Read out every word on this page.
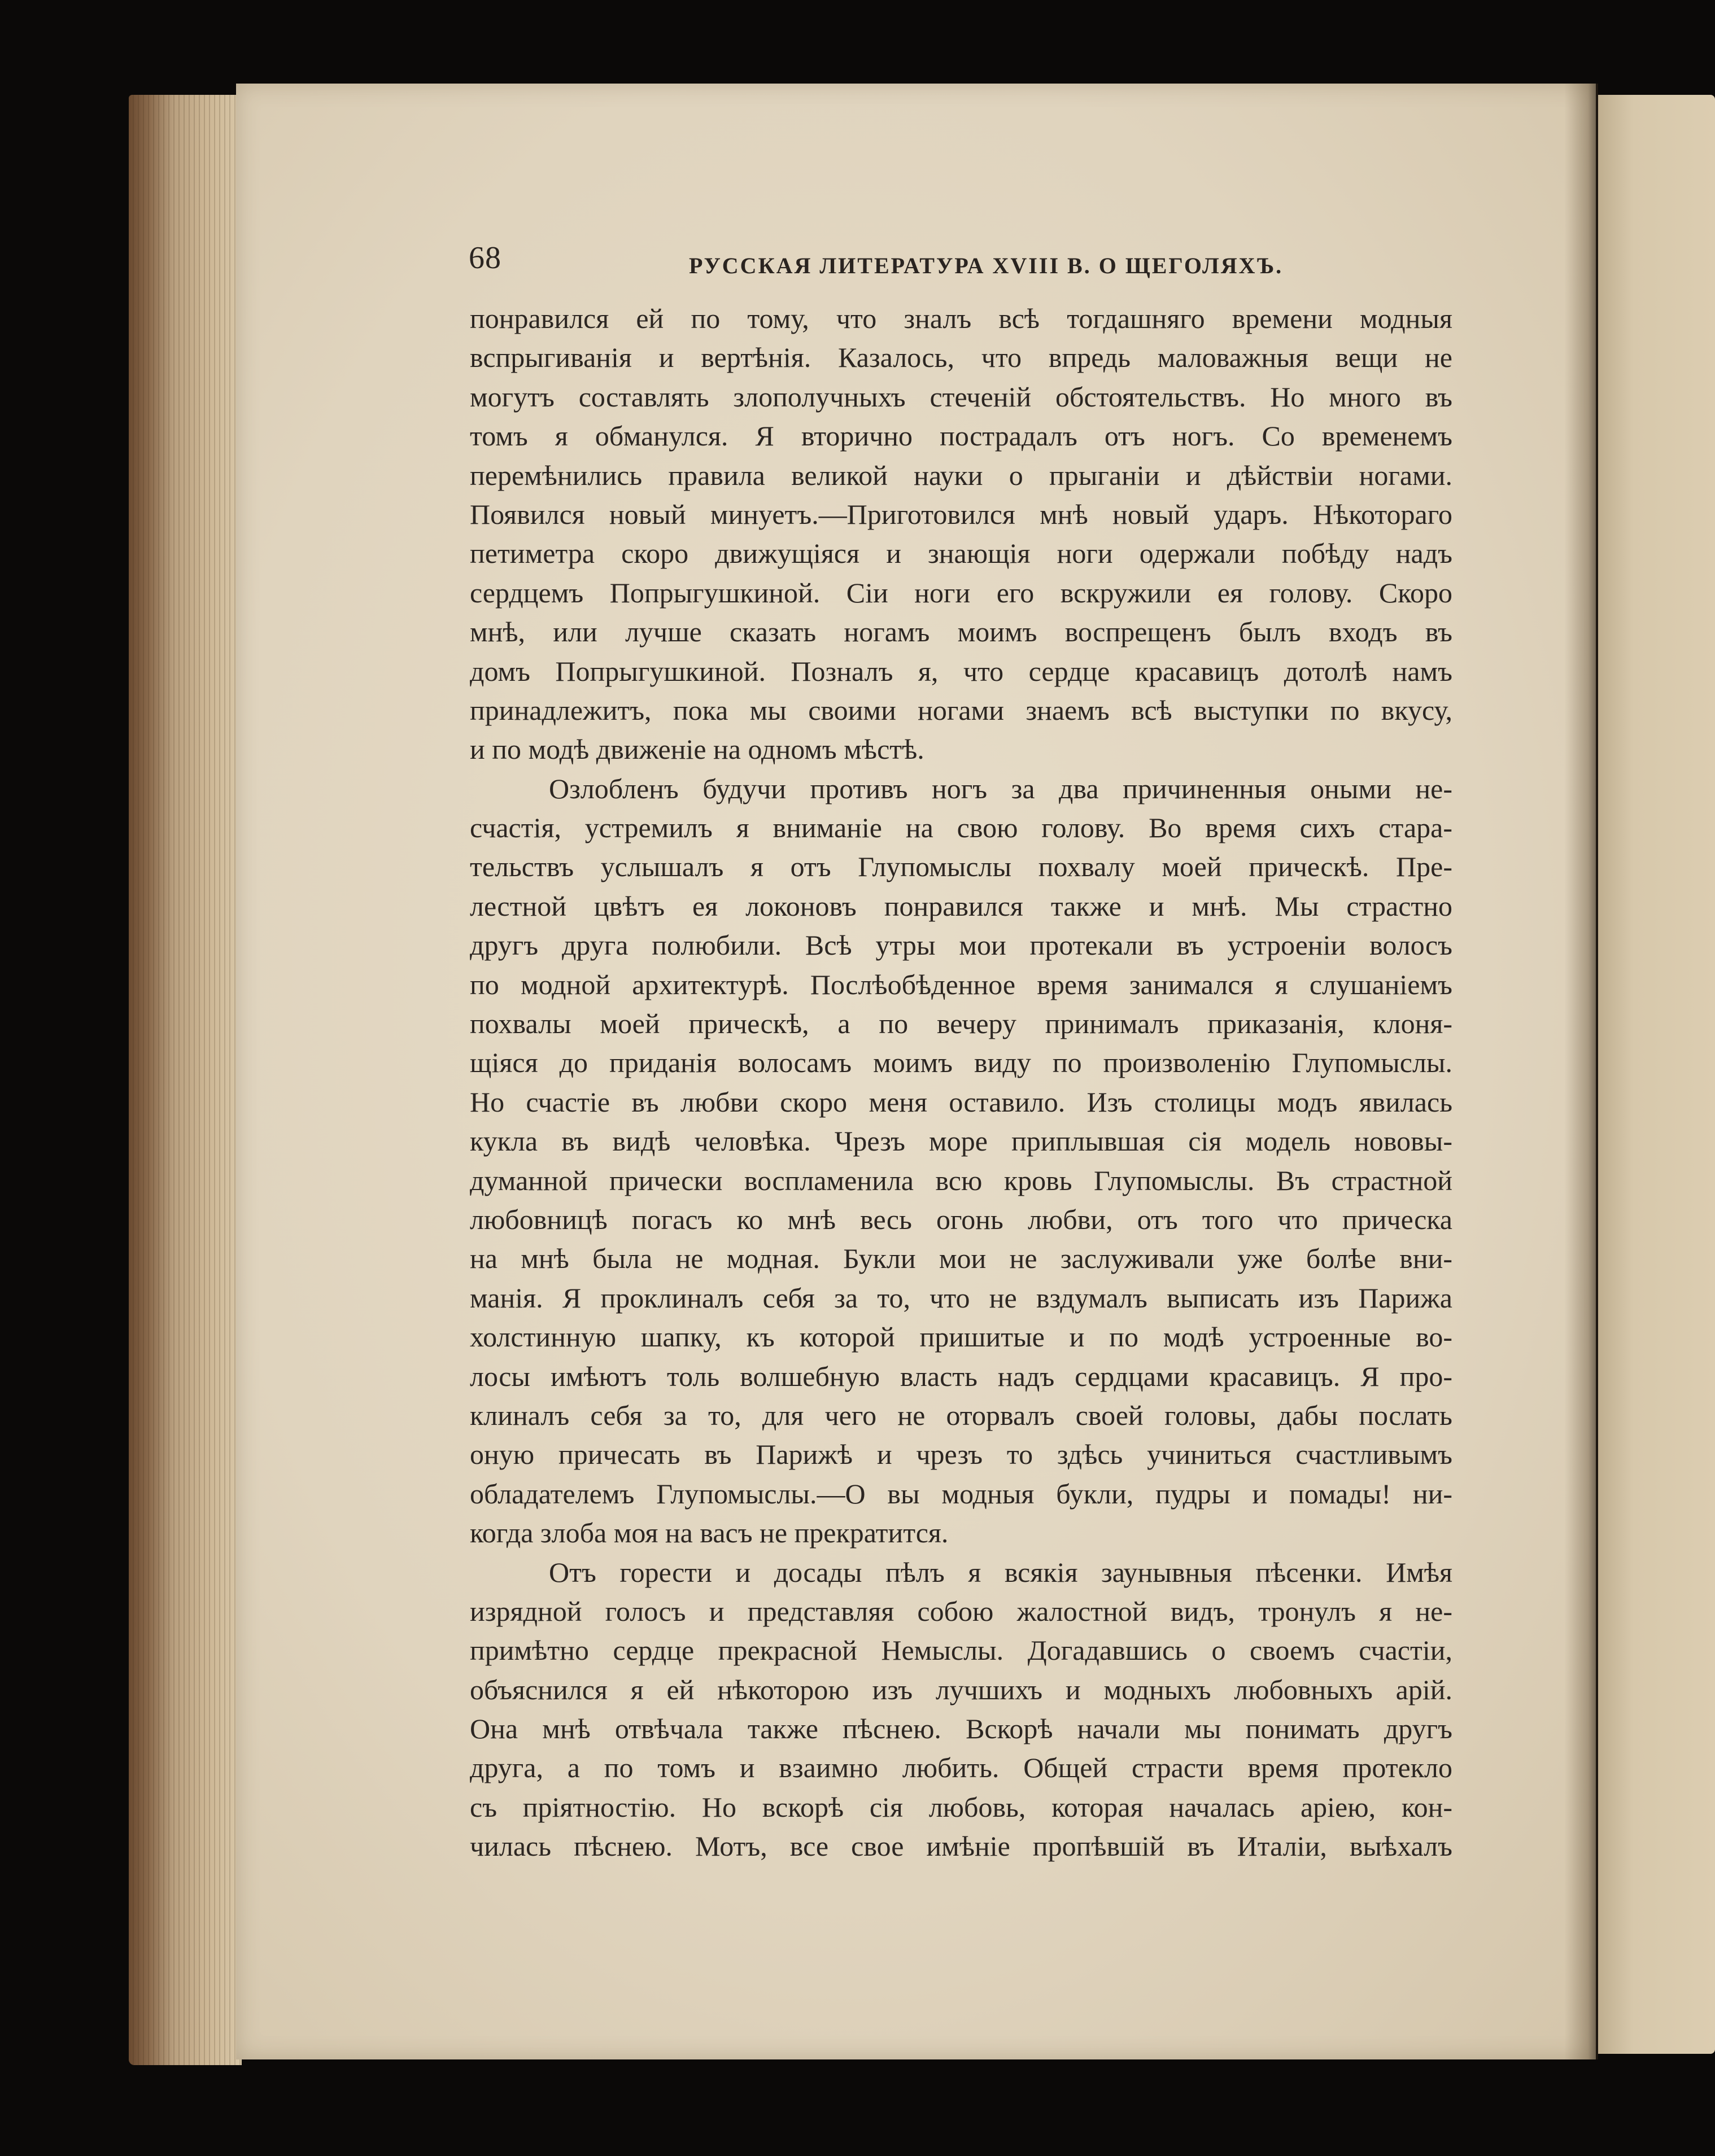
68	РУССКАЯ ЛИТЕРАТУРА XVIII В. О ЩЕГОЛЯХЪ.
понравился ей по тому, что зналъ всѣ тогдашняго времени модныя
вспрыгиванія и вертѣнія. Казалось, что впредь маловажныя вещи не
могутъ составлять злополучныхъ стеченій обстоятельствъ. Но много въ
томъ я обманулся. Я вторично пострадалъ отъ ногъ. Со временемъ
перемѣнились правила великой науки о прыганіи и дѣйствіи ногами.
Появился новый минуетъ.—Приготовился мнѣ новый ударъ. Нѣкотораго
петиметра скоро движущіяся и знающія ноги одержали побѣду надъ
сердцемъ Попрыгушкиной. Сіи ноги его вскружили ея голову. Скоро
мнѣ, или лучше сказать ногамъ моимъ воспрещенъ былъ входъ въ
домъ Попрыгушкиной. Позналъ я, что сердце красавицъ дотолѣ намъ
принадлежитъ, пока мы своими ногами знаемъ всѣ выступки по вкусу,
и по модѣ движеніе на одномъ мѣстѣ.
Озлобленъ будучи противъ ногъ за два причиненныя оными не-
счастія, устремилъ я вниманіе на свою голову. Во время сихъ стара-
тельствъ услышалъ я отъ Глупомыслы похвалу моей прическѣ. Пре-
лестной цвѣтъ ея локоновъ понравился также и мнѣ. Мы страстно
другъ друга полюбили. Всѣ утры мои протекали въ устроеніи волосъ
по модной архитектурѣ. Послѣобѣденное время занимался я слушаніемъ
похвалы моей прическѣ, а по вечеру принималъ приказанія, клоня-
щіяся до приданія волосамъ моимъ виду по произволенію Глупомыслы.
Но счастіе въ любви скоро меня оставило. Изъ столицы модъ явилась
кукла въ видѣ человѣка. Чрезъ море приплывшая сія модель нововы-
думанной прически воспламенила всю кровь Глупомыслы. Въ страстной
любовницѣ погасъ ко мнѣ весь огонь любви, отъ того что прическа
на мнѣ была не модная. Букли мои не заслуживали уже болѣе вни-
манія. Я проклиналъ себя за то, что не вздумалъ выписать изъ Парижа
холстинную шапку, къ которой пришитые и по модѣ устроенные во-
лосы имѣютъ толь волшебную власть надъ сердцами красавицъ. Я про-
клиналъ себя за то, для чего не оторвалъ своей головы, дабы послать
оную причесать въ Парижѣ и чрезъ то здѣсь учиниться счастливымъ
обладателемъ Глупомыслы.—О вы модныя букли, пудры и помады! ни-
когда злоба моя на васъ не прекратится.
Отъ горести и досады пѣлъ я всякія заунывныя пѣсенки. Имѣя
изрядной голосъ и представляя собою жалостной видъ, тронулъ я не-
примѣтно сердце прекрасной Немыслы. Догадавшись о своемъ счастіи,
объяснился я ей нѣкоторою изъ лучшихъ и модныхъ любовныхъ арій.
Она мнѣ отвѣчала также пѣснею. Вскорѣ начали мы понимать другъ
друга, а по томъ и взаимно любить. Общей страсти время протекло
съ пріятностію. Но вскорѣ сія любовь, которая началась аріею, кон-
чилась пѣснею. Мотъ, все свое имѣніе пропѣвшій въ Италіи, выѣхалъ
